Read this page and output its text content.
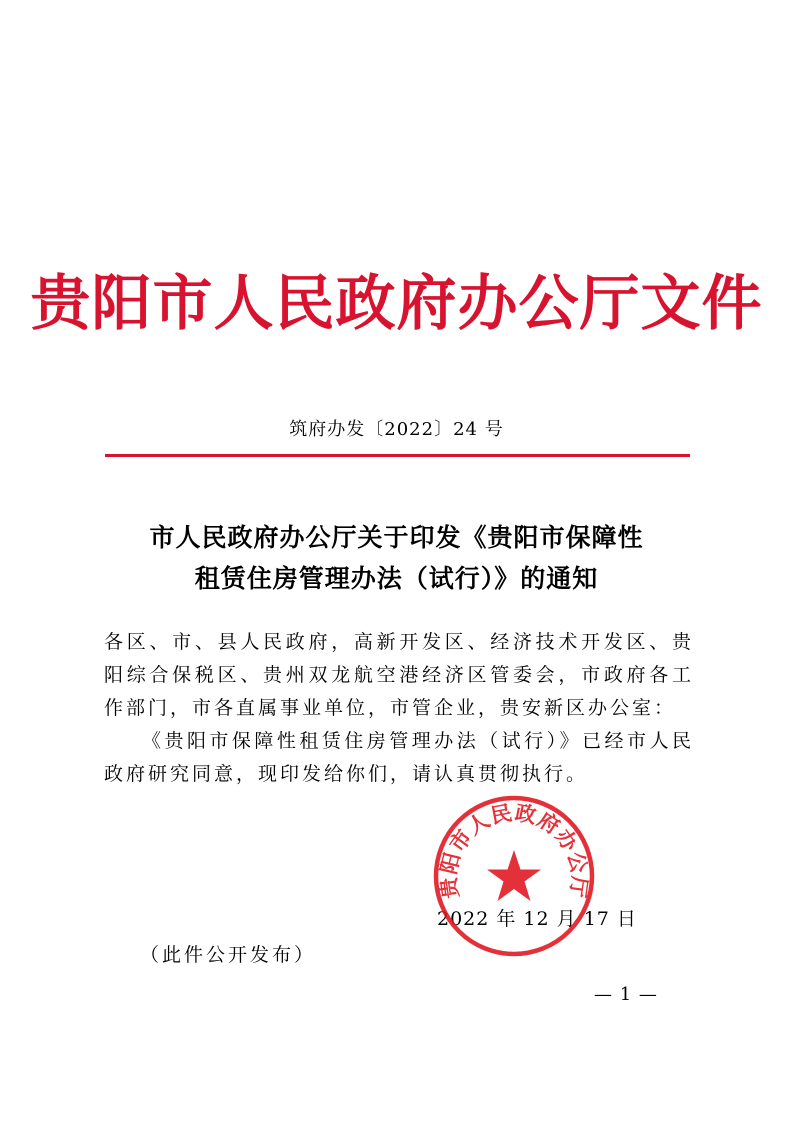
贵阳市人民政府办公厅文件
筑府办发〔2022〕24 号
市人民政府办公厅关于印发《贵阳市保障性
租赁住房管理办法（试行）》的通知

各区、市、县人民政府，高新开发区、经济技术开发区、贵阳综合保税区、贵州双龙航空港经济区管委会，市政府各工作部门，市各直属事业单位，市管企业，贵安新区办公室：

《贵阳市保障性租赁住房管理办法（试行）》已经市人民政府研究同意，现印发给你们，请认真贯彻执行。

2022 年 12 月 17 日
贵阳市人民政府办公厅
（此件公开发布）
— 1 —
